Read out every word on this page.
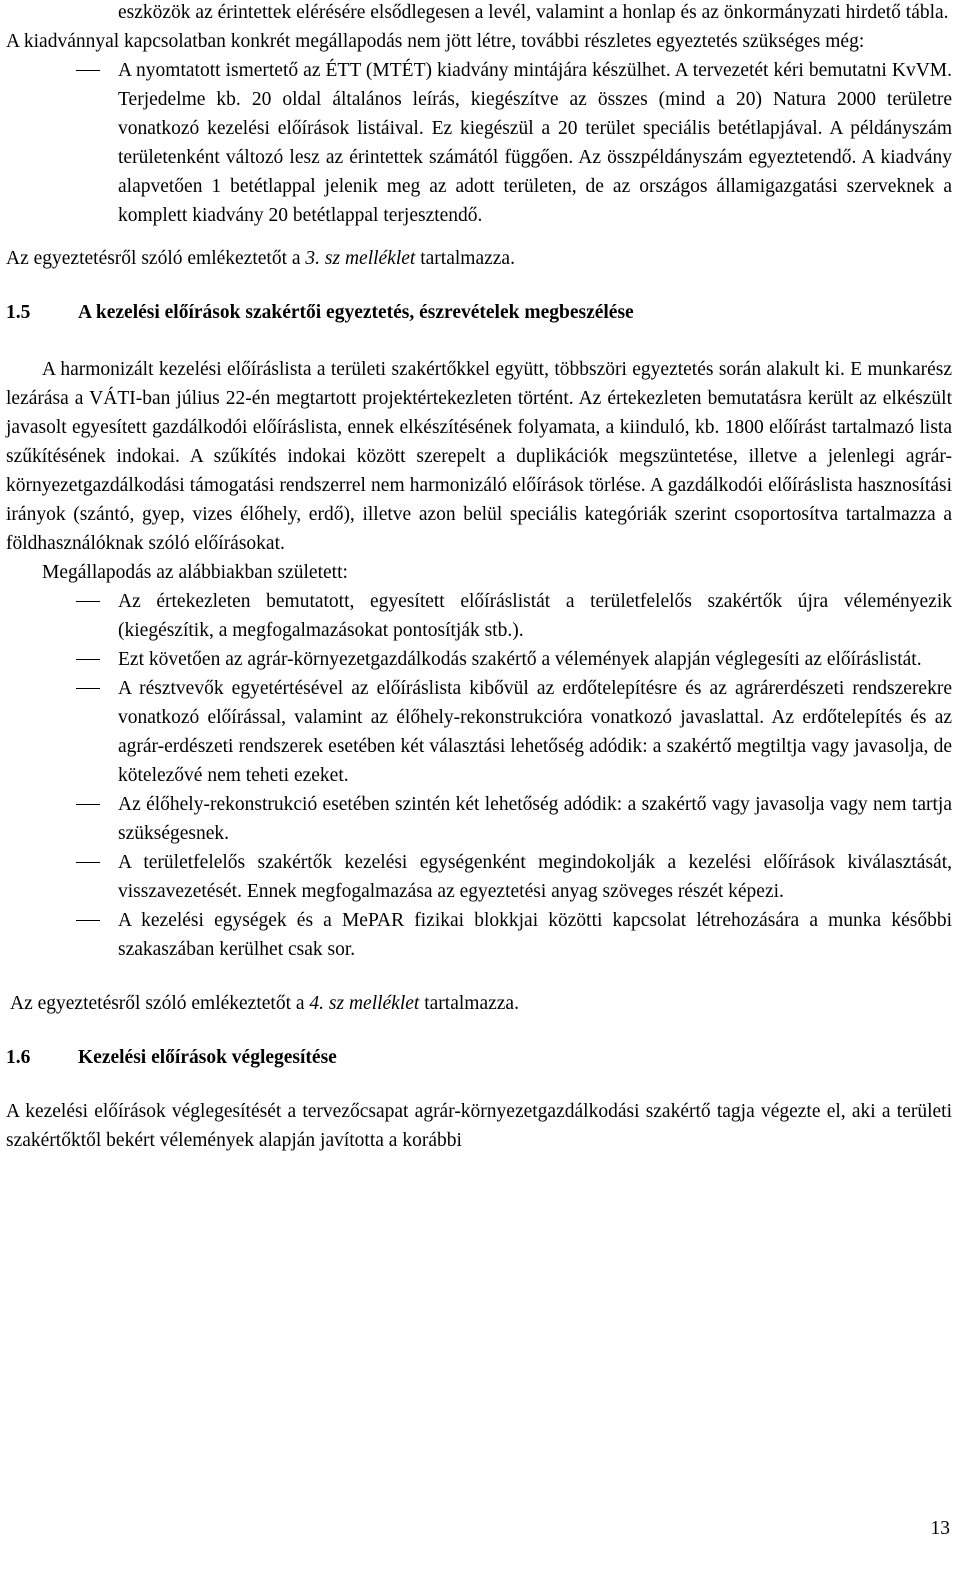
eszközök az érintettek elérésére elsődlegesen a levél, valamint a honlap és az önkormányzati hirdető tábla.

A kiadvánnyal kapcsolatban konkrét megállapodás nem jött létre, további részletes egyeztetés szükséges még:

A nyomtatott ismertető az ÉTT (MTÉT) kiadvány mintájára készülhet. A tervezetét kéri bemutatni KvVM. Terjedelme kb. 20 oldal általános leírás, kiegészítve az összes (mind a 20) Natura 2000 területre vonatkozó kezelési előírások listáival. Ez kiegészül a 20 terület speciális betétlapjával. A példányszám területenként változó lesz az érintettek számától függően. Az összpéldányszám egyeztetendő. A kiadvány alapvetően 1 betétlappal jelenik meg az adott területen, de az országos államigazgatási szerveknek a komplett kiadvány 20 betétlappal terjesztendő.

Az egyeztetésről szóló emlékeztetőt a 3. sz melléklet tartalmazza.

1.5	A kezelési előírások szakértői egyeztetés, észrevételek megbeszélése

A harmonizált kezelési előíráslista a területi szakértőkkel együtt, többszöri egyeztetés során alakult ki. E munkarész lezárása a VÁTI-ban július 22-én megtartott projektértekezleten történt. Az értekezleten bemutatásra került az elkészült javasolt egyesített gazdálkodói előíráslista, ennek elkészítésének folyamata, a kiinduló, kb. 1800 előírást tartalmazó lista szűkítésének indokai. A szűkítés indokai között szerepelt a duplikációk megszüntetése, illetve a jelenlegi agrár-környezetgazdálkodási támogatási rendszerrel nem harmonizáló előírások törlése. A gazdálkodói előíráslista hasznosítási irányok (szántó, gyep, vizes élőhely, erdő), illetve azon belül speciális kategóriák szerint csoportosítva tartalmazza a földhasználóknak szóló előírásokat.

Megállapodás az alábbiakban született:

Az értekezleten bemutatott, egyesített előíráslistát a területfelelős szakértők újra véleményezik (kiegészítik, a megfogalmazásokat pontosítják stb.).

Ezt követően az agrár-környezetgazdálkodás szakértő a vélemények alapján véglegesíti az előíráslistát.

A résztvevők egyetértésével az előíráslista kibővül az erdőtelepítésre és az agrárerdészeti rendszerekre vonatkozó előírással, valamint az élőhely-rekonstrukcióra vonatkozó javaslattal. Az erdőtelepítés és az agrár-erdészeti rendszerek esetében két választási lehetőség adódik: a szakértő megtiltja vagy javasolja, de kötelezővé nem teheti ezeket.

Az élőhely-rekonstrukció esetében szintén két lehetőség adódik: a szakértő vagy javasolja vagy nem tartja szükségesnek.

A területfelelős szakértők kezelési egységenként megindokolják a kezelési előírások kiválasztását, visszavezetését. Ennek megfogalmazása az egyeztetési anyag szöveges részét képezi.

A kezelési egységek és a MePAR fizikai blokkjai közötti kapcsolat létrehozására a munka későbbi szakaszában kerülhet csak sor.

Az egyeztetésről szóló emlékeztetőt a 4. sz melléklet tartalmazza.

1.6	Kezelési előírások véglegesítése

A kezelési előírások véglegesítését a tervezőcsapat agrár-környezetgazdálkodási szakértő tagja végezte el, aki a területi szakértőktől bekért vélemények alapján javította a korábbi

13
